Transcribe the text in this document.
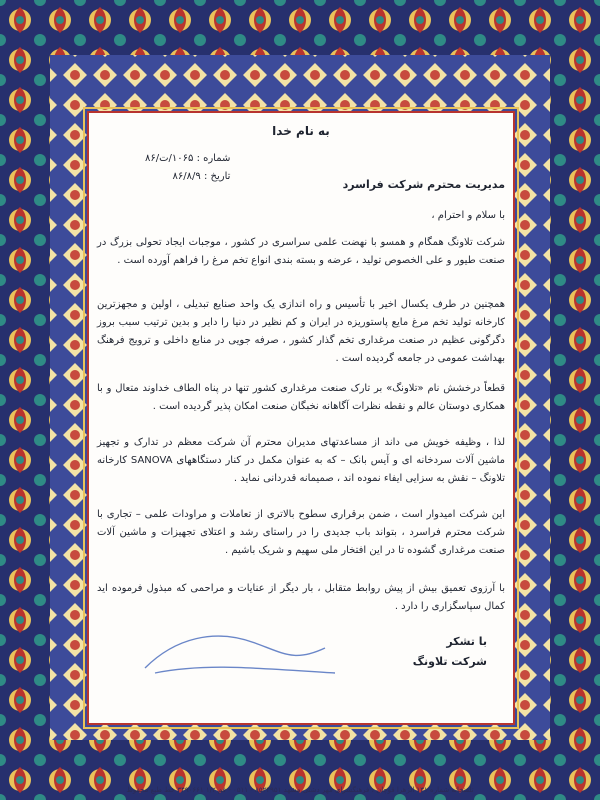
به نام خدا
شماره : ۱۰۶۵/ت/۸۶
تاریخ : ۸۶/۸/۹
مدیریت محترم شرکت فراسرد
با سلام و احترام ،
شرکت تلاونگ همگام و همسو با نهضت علمی سراسری در کشور ، موجبات ایجاد تحولی بزرگ در صنعت طیور و علی الخصوص تولید ، عرضه و بسته بندی انواع تخم مرغ را فراهم آورده است .
همچنین در طرف یکسال اخیر با تأسیس و راه اندازی یک واحد صنایع تبدیلی ، اولین و مجهزترین کارخانه تولید تخم مرغ مایع پاستوریزه در ایران و کم نظیر در دنیا را دایر و بدین ترتیب سبب بروز دگرگونی عظیم در صنعت مرغداری تخم گذار کشور ، صرفه جویی در منابع داخلی و ترویج فرهنگ بهداشت عمومی در جامعه گردیده است .
قطعاً درخشش نام «تلاونگ» بر تارک صنعت مرغداری کشور تنها در پناه الطاف خداوند متعال و با همکاری دوستان عالم و نقطه نظرات آگاهانه نخبگان صنعت امکان پذیر گردیده است .
لذا ، وظیفه خویش می داند از مساعدتهای مدیران محترم آن شرکت معظم در تدارک و تجهیز ماشین آلات سردخانه ای و آیس بانک – که به عنوان مکمل در کنار دستگاههای SANOVA کارخانه تلاونگ – نقش به سزایی ایفاء نموده اند ، صمیمانه قدردانی نماید .
این شرکت امیدوار است ، ضمن برقراری سطوح بالاتری از تعاملات و مراودات علمی – تجاری با شرکت محترم فراسرد ، بتواند باب جدیدی را در راستای رشد و اعتلای تجهیزات و ماشین آلات صنعت مرغداری گشوده تا در این افتخار ملی سهیم و شریک باشیم .
با آرزوی تعمیق بیش از پیش روابط متقابل ، بار دیگر از عنایات و مراحمی که مبذول فرموده اید کمال سپاسگزاری را دارد .
با تشکر
شرکت تلاونگ
تلفنخانه شماره ۱۳۱ الزهرا قوچان ، فرهنگسرای مهر دشتی مشهد ۸۵۲۴۹۵۱ - ۰۵۱۱ - فم ۱/۲ ۳۴۹۰۶۶۱ خط طبع محفوظ
